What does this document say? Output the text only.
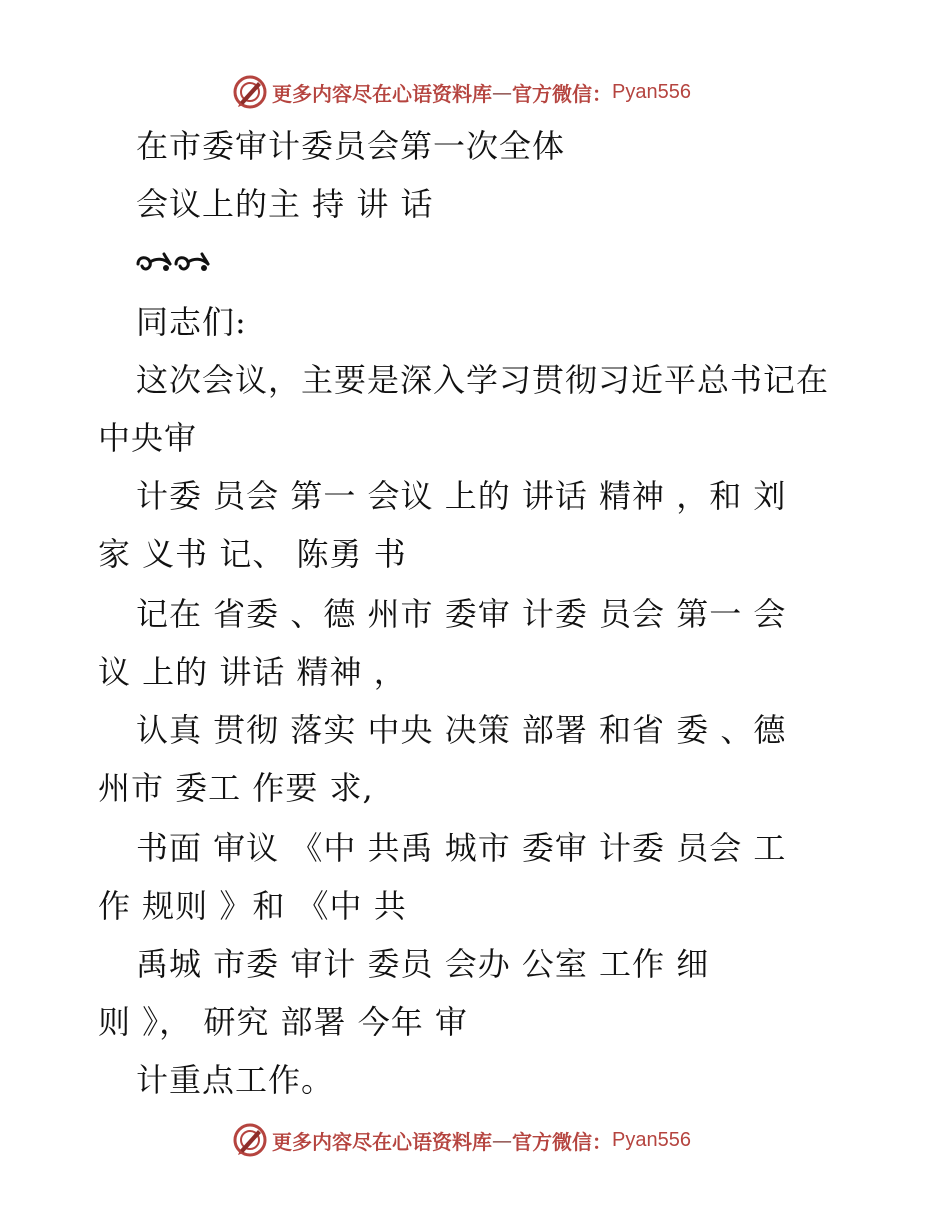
更多内容尽在心语资料库 — 官方微信： Pyan556
在市委审计委员会第一次全体
会议上的主 持 讲 话
同志们:
这次会议，主要是深入学习贯彻习近平总书记在
中央审
计委 员会 第一 会议 上的 讲话 精神 ，和 刘
家 义书 记、 陈勇 书
记在 省委 、德 州市 委审 计委 员会 第一 会
议 上的 讲话 精神 ，
认真 贯彻 落实 中央 决策 部署 和省 委 、德
州市 委工 作要 求,
书面 审议 《中 共禹 城市 委审 计委 员会 工
作 规则 》和 《中 共
禹城 市委 审计 委员 会办 公室 工作 细
则 》， 研究 部署 今年 审
计重点工作。
更多内容尽在心语资料库 — 官方微信： Pyan556
